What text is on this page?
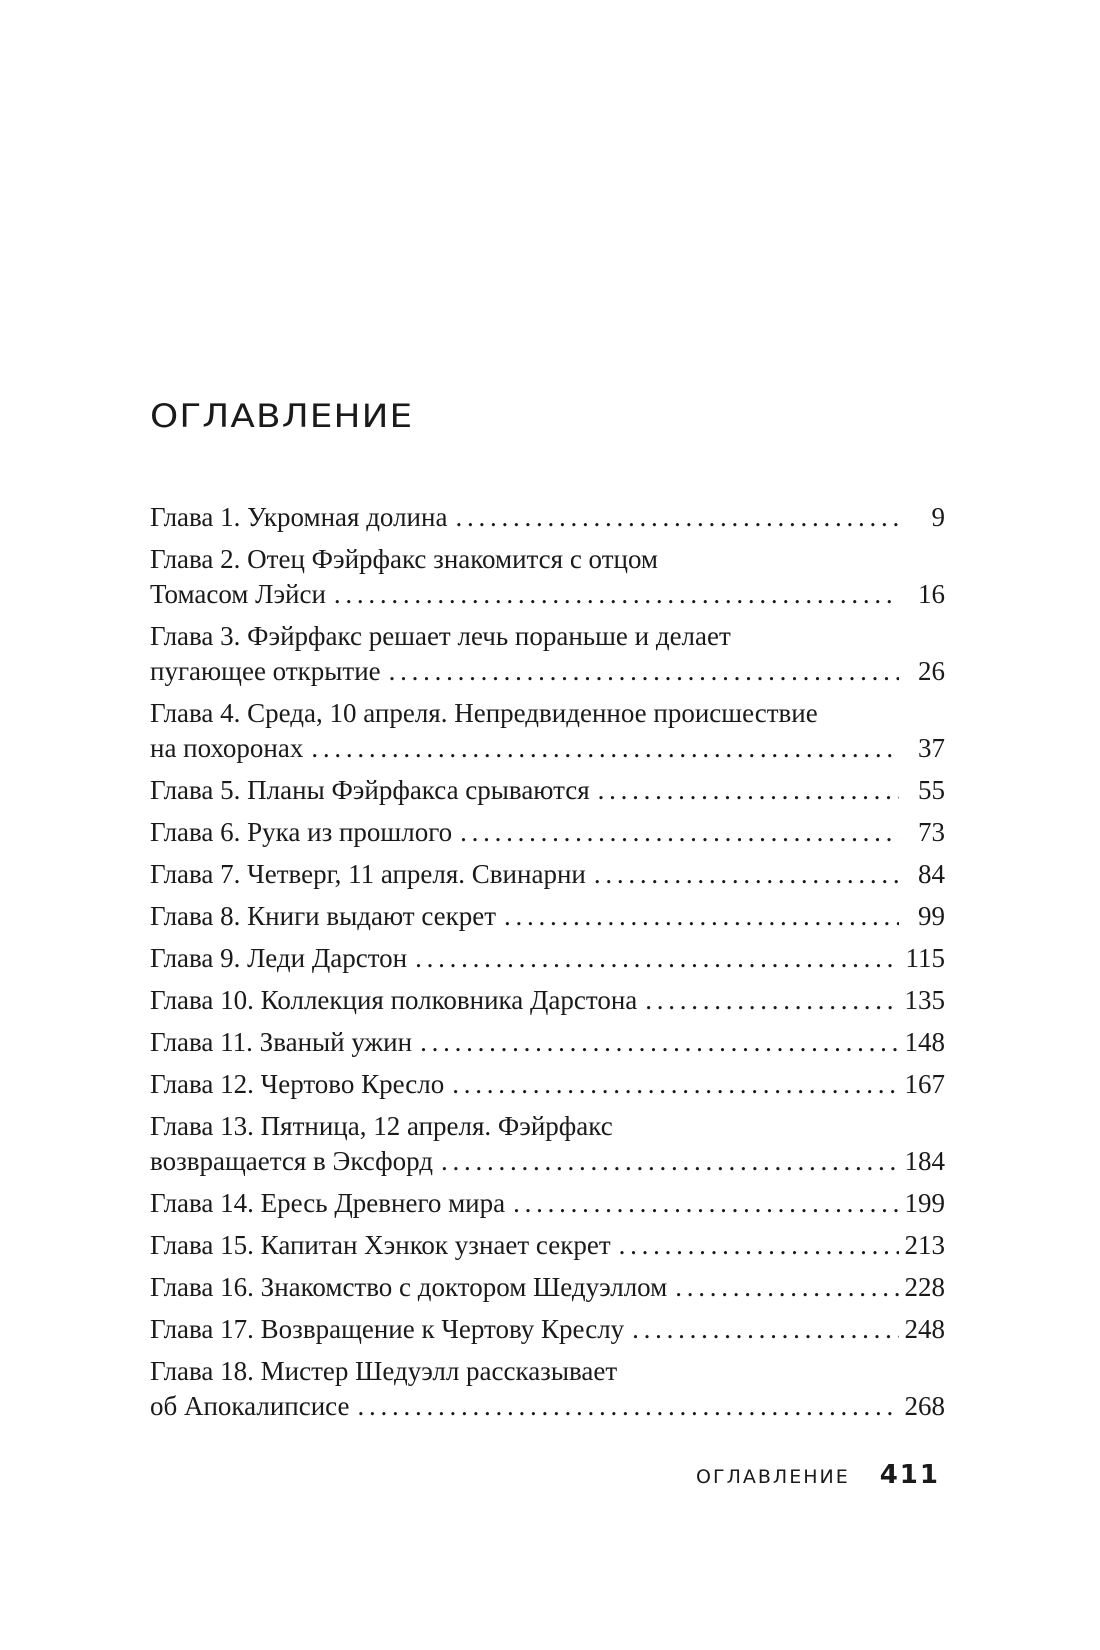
ОГЛАВЛЕНИЕ
Глава 1. Укромная долина . . .	9
Глава 2. Отец Фэйрфакс знакомится с отцом
Томасом Лэйси . . .	16
Глава 3. Фэйрфакс решает лечь пораньше и делает
пугающее открытие . . .	26
Глава 4. Среда, 10 апреля. Непредвиденное происшествие
на похоронах . . .	37
Глава 5. Планы Фэйрфакса срываются . . .	55
Глава 6. Рука из прошлого . . .	73
Глава 7. Четверг, 11 апреля. Свинарни . . .	84
Глава 8. Книги выдают секрет . . .	99
Глава 9. Леди Дарстон . . .	115
Глава 10. Коллекция полковника Дарстона . . .	135
Глава 11. Званый ужин . . .	148
Глава 12. Чертово Кресло . . .	167
Глава 13. Пятница, 12 апреля. Фэйрфакс
возвращается в Эксфорд . . .	184
Глава 14. Ересь Древнего мира . . .	199
Глава 15. Капитан Хэнкок узнает секрет . . .	213
Глава 16. Знакомство с доктором Шедуэллом . . .	228
Глава 17. Возвращение к Чертову Креслу . . .	248
Глава 18. Мистер Шедуэлл рассказывает
об Апокалипсисе . . .	268
ОГЛАВЛЕНИЕ 411
